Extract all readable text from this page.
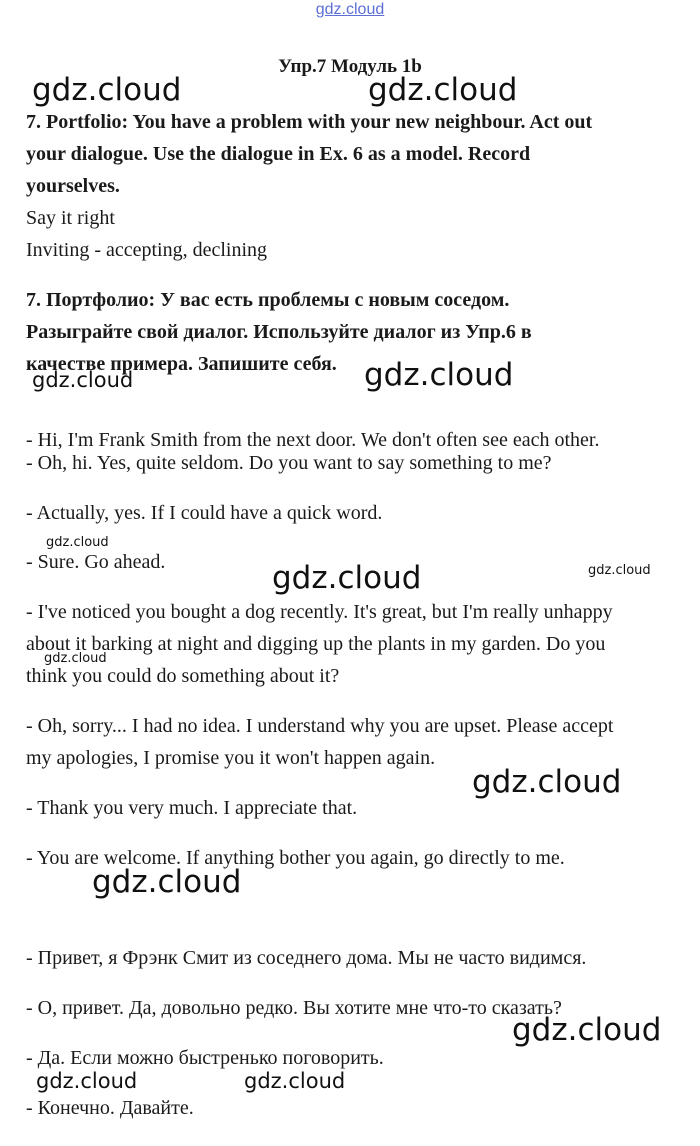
gdz.cloud
Упр.7 Модуль 1b
7. Portfolio: You have a problem with your new neighbour. Act out
your dialogue. Use the dialogue in Ex. 6 as a model. Record
yourselves.
Say it right
Inviting - accepting, declining
7. Портфолио: У вас есть проблемы с новым соседом.
Разыграйте свой диалог. Используйте диалог из Упр.6 в
качестве примера. Запишите себя.
- Hi, I'm Frank Smith from the next door. We don't often see each other.
- Oh, hi. Yes, quite seldom. Do you want to say something to me?
- Actually, yes. If I could have a quick word.
- Sure. Go ahead.
- I've noticed you bought a dog recently. It's great, but I'm really unhappy
about it barking at night and digging up the plants in my garden. Do you
think you could do something about it?
- Oh, sorry... I had no idea. I understand why you are upset. Please accept
my apologies, I promise you it won't happen again.
- Thank you very much. I appreciate that.
- You are welcome. If anything bother you again, go directly to me.
- Привет, я Фрэнк Смит из соседнего дома. Мы не часто видимся.
- О, привет. Да, довольно редко. Вы хотите мне что-то сказать?
- Да. Если можно быстренько поговорить.
- Конечно. Давайте.
gdz.cloud	gdz.cloud
gdz.cloud	gdz.cloud
gdz.cloud
gdz.cloud	gdz.cloud
gdz.cloud
gdz.cloud
gdz.cloud
gdz.cloud
gdz.cloud	gdz.cloud
